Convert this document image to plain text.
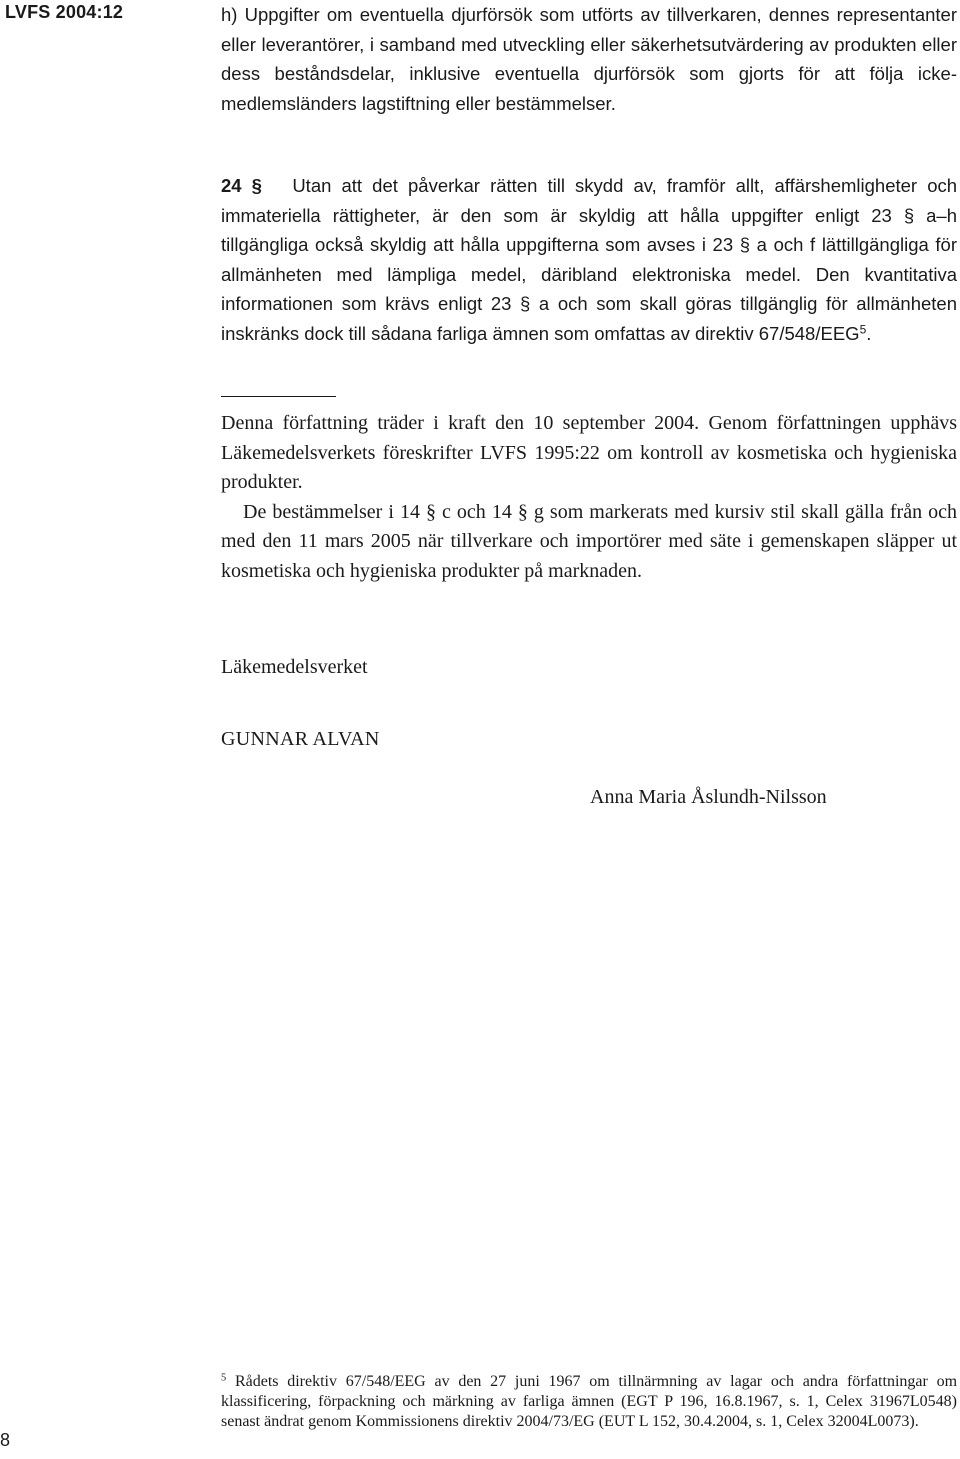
LVFS 2004:12	h) Uppgifter om eventuella djurförsök som utförts av tillverkaren, dennes representanter eller leverantörer, i samband med utveckling eller säkerhetsutvärdering av produkten eller dess beståndsdelar, inklusive eventuella djurförsök som gjorts för att följa icke-medlemsländers lagstiftning eller bestämmelser.

24 § Utan att det påverkar rätten till skydd av, framför allt, affärshemligheter och immateriella rättigheter, är den som är skyldig att hålla uppgifter enligt 23 § a–h tillgängliga också skyldig att hålla uppgifterna som avses i 23 § a och f lättillgängliga för allmänheten med lämpliga medel, däribland elektroniska medel. Den kvantitativa informationen som krävs enligt 23 § a och som skall göras tillgänglig för allmänheten inskränks dock till sådana farliga ämnen som omfattas av direktiv 67/548/EEG$^5$.

Denna författning träder i kraft den 10 september 2004. Genom författningen upphävs Läkemedelsverkets föreskrifter LVFS 1995:22 om kontroll av kosmetiska och hygieniska produkter.

De bestämmelser i 14 § c och 14 § g som markerats med kursiv stil skall gälla från och med den 11 mars 2005 när tillverkare och importörer med säte i gemenskapen släpper ut kosmetiska och hygieniska produkter på marknaden.

Läkemedelsverket
GUNNAR ALVAN
Anna Maria Åslundh-Nilsson

$^5$ Rådets direktiv 67/548/EEG av den 27 juni 1967 om tillnärmning av lagar och andra författningar om klassificering, förpackning och märkning av farliga ämnen (EGT P 196, 16.8.1967, s. 1, Celex 31967L0548) senast ändrat genom Kommissionens direktiv 2004/73/EG (EUT L 152, 30.4.2004, s. 1, Celex 32004L0073).

8
